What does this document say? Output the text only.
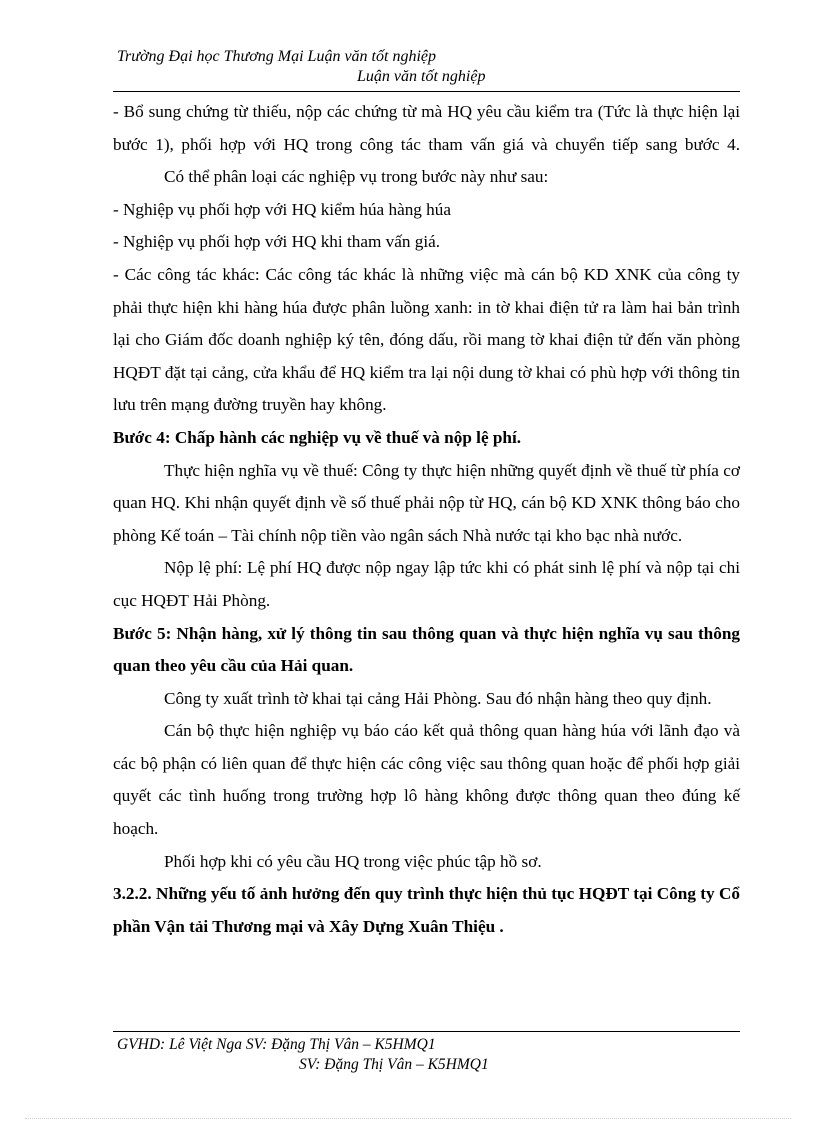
Trường Đại học Thương Mại Luận văn tốt nghiệp
Luận văn tốt nghiệp

- Bổ sung chứng từ thiếu, nộp các chứng từ mà HQ yêu cầu kiểm tra (Tức là thực hiện lại bước 1), phối hợp với HQ trong công tác tham vấn giá và chuyển tiếp sang bước 4.

Có thể phân loại các nghiệp vụ trong bước này như sau:

- Nghiệp vụ phối hợp với HQ kiểm húa hàng húa

- Nghiệp vụ phối hợp với HQ khi tham vấn giá.

- Các công tác khác: Các công tác khác là những việc mà cán bộ KD XNK của công ty phải thực hiện khi hàng húa được phân luồng xanh: in tờ khai điện tử ra làm hai bản trình lại cho Giám đốc doanh nghiệp ký tên, đóng dấu, rồi mang tờ khai điện tử đến văn phòng HQĐT đặt tại cảng, cửa khẩu để HQ kiểm tra lại nội dung tờ khai có phù hợp với thông tin lưu trên mạng đường truyền hay không.

Bước 4: Chấp hành các nghiệp vụ về thuế và nộp lệ phí.

Thực hiện nghĩa vụ về thuế: Công ty thực hiện những quyết định về thuế từ phía cơ quan HQ. Khi nhận quyết định về số thuế phải nộp từ HQ, cán bộ KD XNK thông báo cho phòng Kế toán – Tài chính nộp tiền vào ngân sách Nhà nước tại kho bạc nhà nước.

Nộp lệ phí: Lệ phí HQ được nộp ngay lập tức khi có phát sinh lệ phí và nộp tại chi cục HQĐT Hải Phòng.

Bước 5: Nhận hàng, xử lý thông tin sau thông quan và thực hiện nghĩa vụ sau thông quan theo yêu cầu của Hải quan.

Công ty xuất trình tờ khai tại cảng Hải Phòng. Sau đó nhận hàng theo quy định.

Cán bộ thực hiện nghiệp vụ báo cáo kết quả thông quan hàng húa với lãnh đạo và các bộ phận có liên quan để thực hiện các công việc sau thông quan hoặc để phối hợp giải quyết các tình huống trong trường hợp lô hàng không được thông quan theo đúng kế hoạch.

Phối hợp khi có yêu cầu HQ trong việc phúc tập hồ sơ.

3.2.2. Những yếu tố ảnh hưởng đến quy trình thực hiện thủ tục HQĐT tại Công ty Cổ phần Vận tải Thương mại và Xây Dựng Xuân Thiệu .

GVHD: Lê Việt Nga SV: Đặng Thị Vân – K5HMQ1
SV: Đặng Thị Vân – K5HMQ1
